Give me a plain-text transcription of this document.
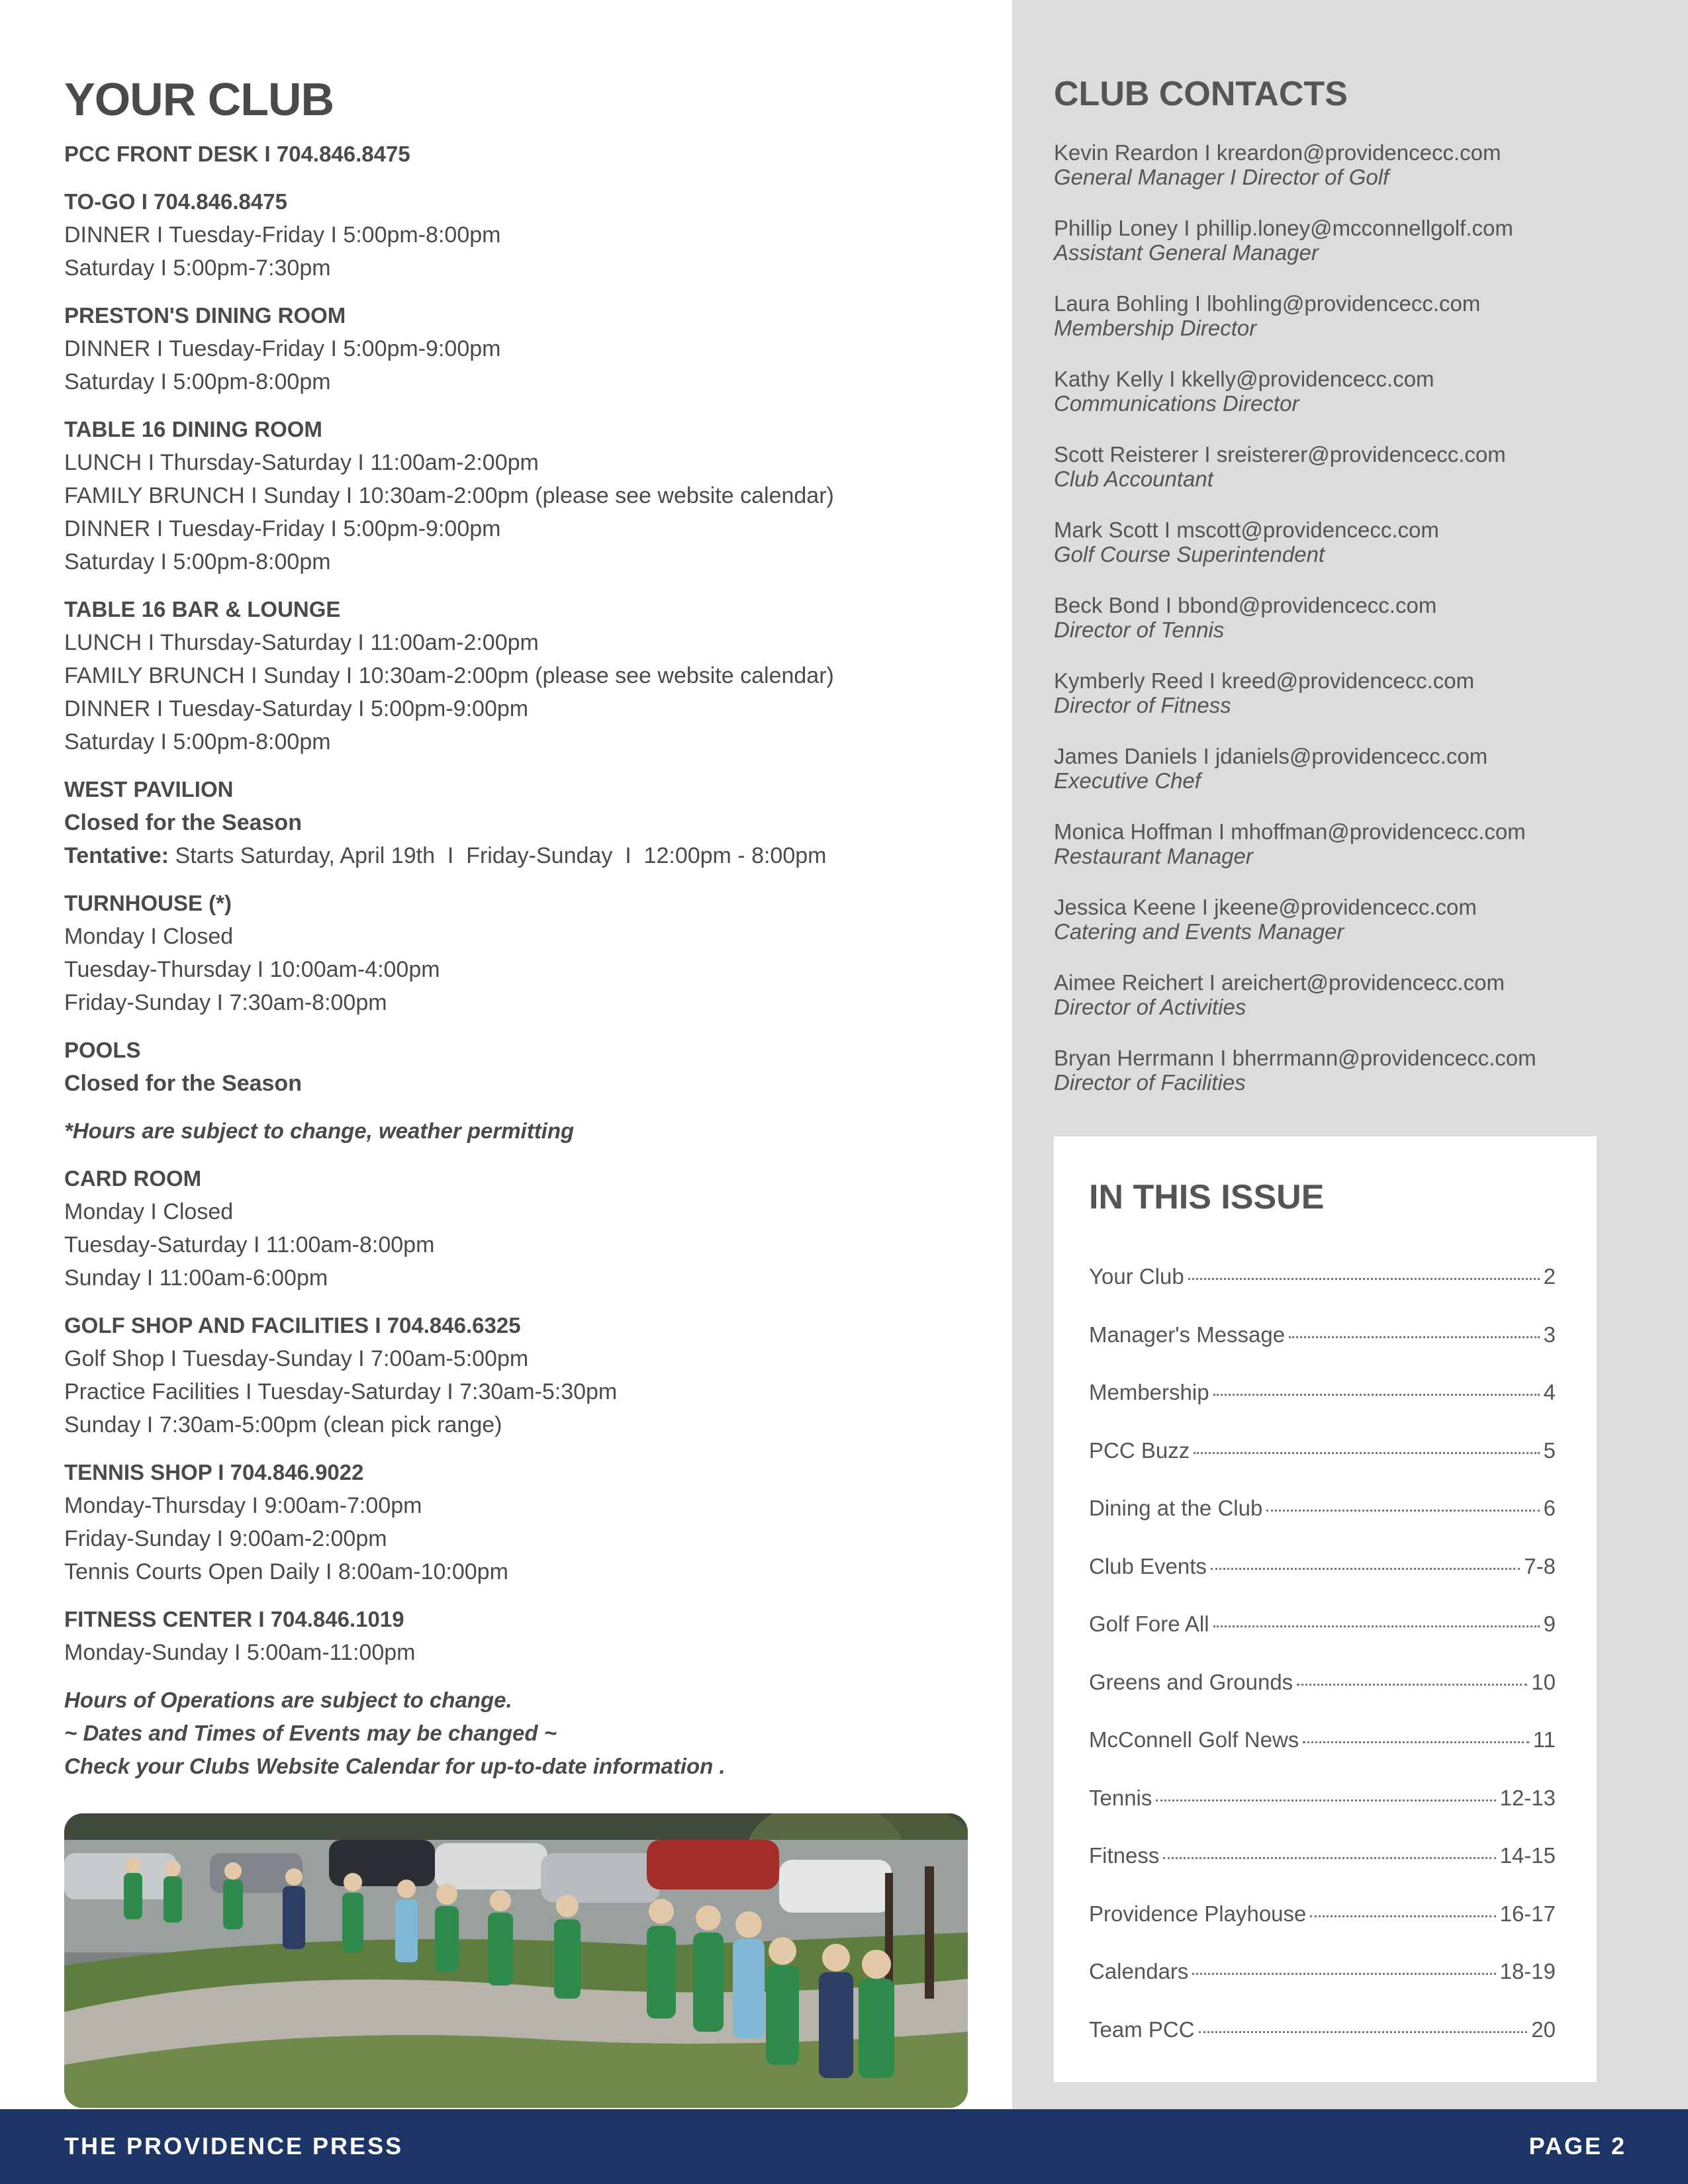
YOUR CLUB
PCC FRONT DESK I 704.846.8475
TO-GO I 704.846.8475
DINNER I Tuesday-Friday I 5:00pm-8:00pm
Saturday I 5:00pm-7:30pm
PRESTON'S DINING ROOM
DINNER I Tuesday-Friday I 5:00pm-9:00pm
Saturday I 5:00pm-8:00pm
TABLE 16 DINING ROOM
LUNCH I Thursday-Saturday I 11:00am-2:00pm
FAMILY BRUNCH I Sunday I 10:30am-2:00pm (please see website calendar)
DINNER I Tuesday-Friday I 5:00pm-9:00pm
Saturday I 5:00pm-8:00pm
TABLE 16 BAR & LOUNGE
LUNCH I Thursday-Saturday I 11:00am-2:00pm
FAMILY BRUNCH I Sunday I 10:30am-2:00pm (please see website calendar)
DINNER I Tuesday-Saturday I 5:00pm-9:00pm
Saturday I 5:00pm-8:00pm
WEST PAVILION
Closed for the Season
Tentative: Starts Saturday, April 19th  I  Friday-Sunday  I  12:00pm - 8:00pm
TURNHOUSE (*)
Monday I Closed
Tuesday-Thursday I 10:00am-4:00pm
Friday-Sunday I 7:30am-8:00pm
POOLS
Closed for the Season
*Hours are subject to change, weather permitting
CARD ROOM
Monday I Closed
Tuesday-Saturday I 11:00am-8:00pm
Sunday I 11:00am-6:00pm
GOLF SHOP AND FACILITIES I 704.846.6325
Golf Shop I Tuesday-Sunday I 7:00am-5:00pm
Practice Facilities I Tuesday-Saturday I 7:30am-5:30pm
Sunday I 7:30am-5:00pm (clean pick range)
TENNIS SHOP I 704.846.9022
Monday-Thursday I 9:00am-7:00pm
Friday-Sunday I 9:00am-2:00pm
Tennis Courts Open Daily I 8:00am-10:00pm
FITNESS CENTER I 704.846.1019
Monday-Sunday I 5:00am-11:00pm
Hours of Operations are subject to change.
~ Dates and Times of Events may be changed ~
Check your Clubs Website Calendar for up-to-date information .
CLUB CONTACTS
Kevin Reardon I kreardon@providencecc.com
General Manager I Director of Golf
Phillip Loney I phillip.loney@mcconnellgolf.com
Assistant General Manager
Laura Bohling I lbohling@providencecc.com
Membership Director
Kathy Kelly I kkelly@providencecc.com
Communications Director
Scott Reisterer I sreisterer@providencecc.com
Club Accountant
Mark Scott I mscott@providencecc.com
Golf Course Superintendent
Beck Bond I bbond@providencecc.com
Director of Tennis
Kymberly Reed I kreed@providencecc.com
Director of Fitness
James Daniels I jdaniels@providencecc.com
Executive Chef
Monica Hoffman I mhoffman@providencecc.com
Restaurant Manager
Jessica Keene I jkeene@providencecc.com
Catering and Events Manager
Aimee Reichert I areichert@providencecc.com
Director of Activities
Bryan Herrmann I bherrmann@providencecc.com
Director of Facilities
IN THIS ISSUE
Your Club	2
Manager's Message	3
Membership	4
PCC Buzz	5
Dining at the Club	6
Club Events	7-8
Golf Fore All	9
Greens and Grounds	10
McConnell Golf News	11
Tennis	12-13
Fitness	14-15
Providence Playhouse	16-17
Calendars	18-19
Team PCC	20
THE PROVIDENCE PRESS	PAGE 2
